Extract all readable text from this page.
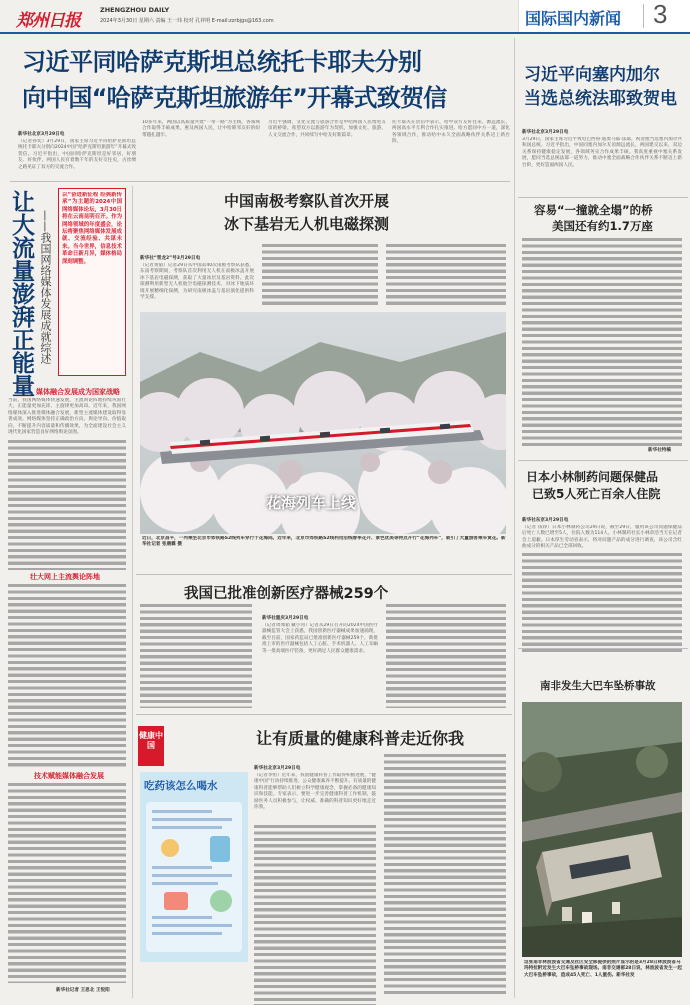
郑州日报
ZHENGZHOU DAILY
2024年3月30日 星期六 责编 王一玮 校对 孔祥明 E-mail:zzrbjgs@163.com	国际国内新闻 3
习近平同哈萨克斯坦总统托卡耶夫分别
向中国“哈萨克斯坦旅游年”开幕式致贺信
新华社北京3月29日电
（记者孙奕）3月29日，国家主席习近平同哈萨克斯坦总统托卡耶夫分别向2024中国“哈萨克斯坦旅游年”开幕式致贺信。习近平指出，中国同哈萨克斯坦是好邻居、好朋友、好伙伴。两国人民有着数千年的友好交往史，古丝绸之路见证了双方的交流合作。
10多年来，两国以高质量共建“一带一路”为主线，各领域合作取得丰硕成果，惠及两国人民，让中哈睦邻友好的纽带越扎越牢。
习近平强调，文化交流与旅游合作是中哈两国人民增进友谊的桥梁。希望双方以旅游年为契机，加强文化、旅游、人文交流合作，共同续写中哈友好新篇章。
托卡耶夫在贺信中表示，哈中双方友好往来、源远流长，两国高水平互利合作扎实推进。哈方愿同中方一道，深化各领域合作，推动哈中永久全面战略伙伴关系迈上新台阶。
习近平向塞内加尔
当选总统法耶致贺电
新华社北京3月29日电
3月29日，国家主席习近平致电巴西鲁·迪奥马耶·法耶，祝贺他当选塞内加尔共和国总统。习近平指出，中国同塞内加尔友谊源远流长，两国建交以来，双边关系保持健康稳定发展，各领域务实合作成果丰硕。我高度重视中塞关系发展，愿同当选总统法耶一道努力，推动中塞全面战略合作伙伴关系不断迈上新台阶，更好造福两国人民。
容易“一撞就全塌”的桥
美国还有约1.7万座
新华社特稿
日本小林制药问题保健品
已致5人死亡百余人住院
新华社东京3月29日电
（记者 钱铮）日本小林制药公司29日说，截至29日，服用该公司问题保健品后死亡人数已增至5人，住院人数为114人。小林制药社长小林章浩当天在记者会上道歉。日本厚生劳动省表示，将对问题产品的成分进行调查，该公司含红曲成分的相关产品已全部回收。
南非发生大巴车坠桥事故
这张南非林波波省交通及社区安全部提供的照片显示的是3月28日林波波省马玛特拉附近发生大巴车坠桥事故现场。南非交通部28日说，林波波省发生一起大巴车坠桥事故，造成45人死亡、1人重伤。新华社发
让大流量澎湃正能量 ——我国网络媒体发展成就综述
以“奋进新征程 经典新传承”为主题的2024中国网络媒体论坛，3月30日将在云南昆明召开。作为网络领域的年度盛会，论坛将聚焦网络媒体发展成就、交流经验、共谋未来。当今世界，信息技术革命日新月异，媒体格局深刻调整。
媒体融合发展成为国家战略
当前，我国网络媒体快速发展，主流舆论阵地持续巩固壮大，正能量更加充沛、主旋律更加高昂。近年来，我国网络媒体深入推进媒体融合发展，新型主流媒体建设取得显著成效。网络媒体坚持正确政治方向、舆论导向、价值取向，不断提升内容质量和传播效果，为全面建设社会主义现代化国家营造良好网络舆论氛围。
壮大网上主流舆论阵地
技术赋能媒体融合发展
新华社记者 王思北 王悦阳
中国南极考察队首次开展
冰下基岩无人机电磁探测
新华社“雪龙2”号3月29日电
（记者黄韬）记者29日从中国第40次南极考察队获悉，东南考察期间，考察队首次利用无人机在南极冰盖开展冰下基岩电磁探测，获取了大量冰层及基岩资料。此次探测利用新型无人机航空电磁探测技术，对冰下地质环境开展精细化探测，为研究南极冰盖与基岩演化提供科学支撑。
花海列车上线
近日，北京昌平，一列乘坐北京市郊铁路S2线列车穿行于花海间。近年来，北京市郊铁路S2线利用沿线春季花开、景色优美等特点开行“花海列车”，吸引了大量游客乘车赏花。新华社记者 张晨霖 摄
我国已批准创新医疗器械259个
新华社重庆3月29日电
（记者周闻韬 戴小河）记者从29日召开的2024中国医疗器械监管大会上获悉，我国创新医疗器械成果加速涌现，截至目前，国家药监局已批准创新医疗器械259个，新批准上市的医疗器械包括人工心脏、手术机器人、人工耳蜗等一批高端医疗装备，更好满足人民群众健康需求。
健康中国
吃药该怎么喝水
让有质量的健康科普走近你我
新华社北京3月29日电
（记者李恒）近年来，我国健康科普工作取得积极进展，“健康中国”行动持续推进，公众健康素养不断提升。有质量的健康科普能够帮助人们树立科学健康观念，掌握必备的健康知识和技能。专家表示，要进一步完善健康科普工作机制，鼓励医务人员积极参与，让权威、准确的科普知识更好地走近你我。
